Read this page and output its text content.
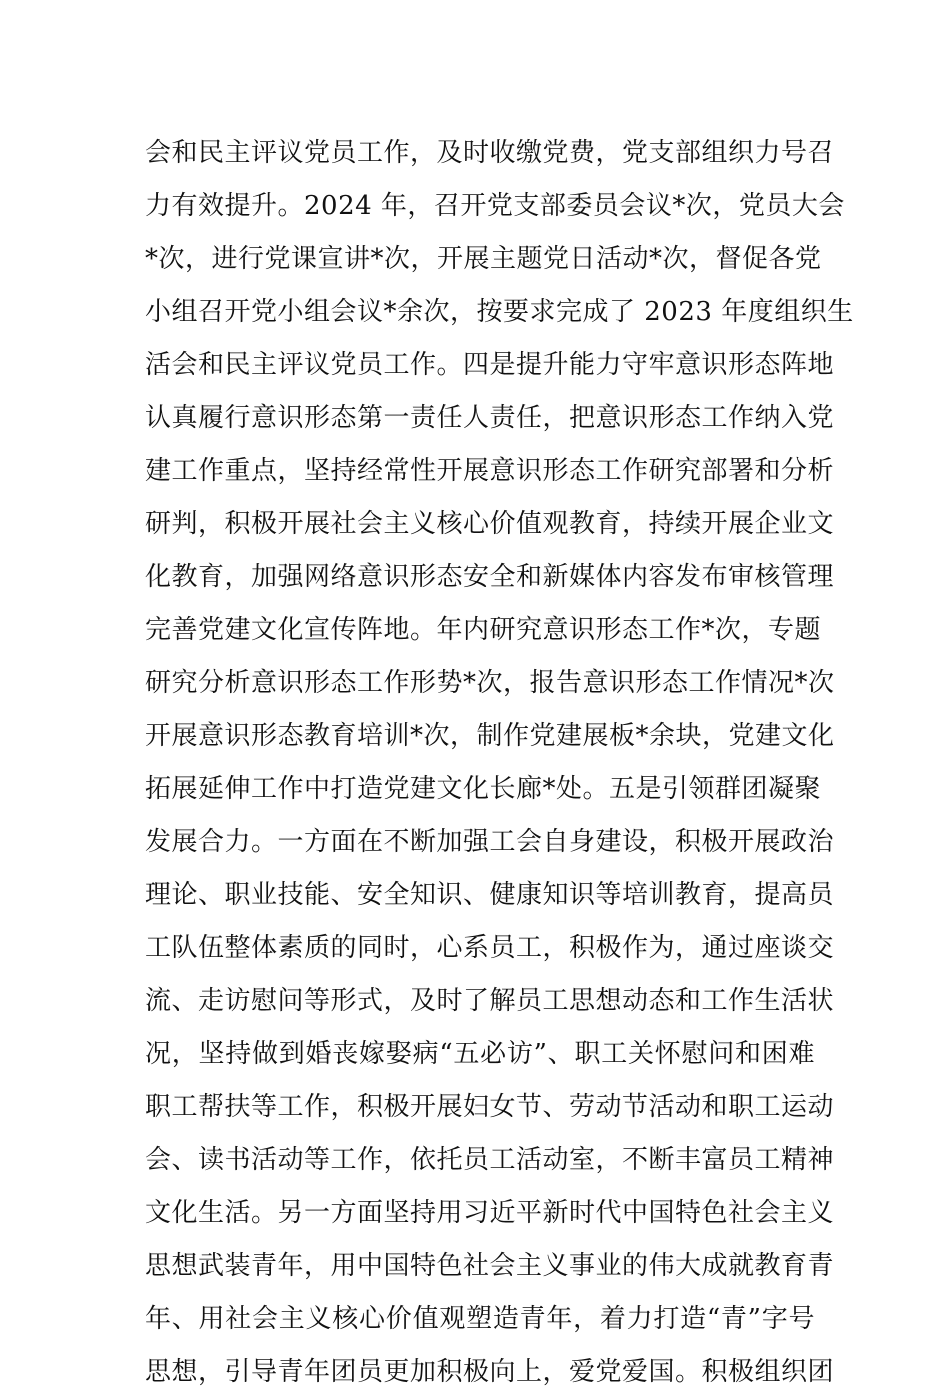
会和民主评议党员工作，及时收缴党费，党支部组织力号召
力有效提升。2024 年，召开党支部委员会议*次，党员大会
*次，进行党课宣讲*次，开展主题党日活动*次，督促各党
小组召开党小组会议*余次，按要求完成了 2023 年度组织生
活会和民主评议党员工作。四是提升能力守牢意识形态阵地
认真履行意识形态第一责任人责任，把意识形态工作纳入党
建工作重点，坚持经常性开展意识形态工作研究部署和分析
研判，积极开展社会主义核心价值观教育，持续开展企业文
化教育，加强网络意识形态安全和新媒体内容发布审核管理
完善党建文化宣传阵地。年内研究意识形态工作*次，专题
研究分析意识形态工作形势*次，报告意识形态工作情况*次
开展意识形态教育培训*次，制作党建展板*余块，党建文化
拓展延伸工作中打造党建文化长廊*处。五是引领群团凝聚
发展合力。一方面在不断加强工会自身建设，积极开展政治
理论、职业技能、安全知识、健康知识等培训教育，提高员
工队伍整体素质的同时，心系员工，积极作为，通过座谈交
流、走访慰问等形式，及时了解员工思想动态和工作生活状
况，坚持做到婚丧嫁娶病“五必访”、职工关怀慰问和困难
职工帮扶等工作，积极开展妇女节、劳动节活动和职工运动
会、读书活动等工作，依托员工活动室，不断丰富员工精神
文化生活。另一方面坚持用习近平新时代中国特色社会主义
思想武装青年，用中国特色社会主义事业的伟大成就教育青
年、用社会主义核心价值观塑造青年，着力打造“青”字号
思想，引导青年团员更加积极向上，爱党爱国。积极组织团
